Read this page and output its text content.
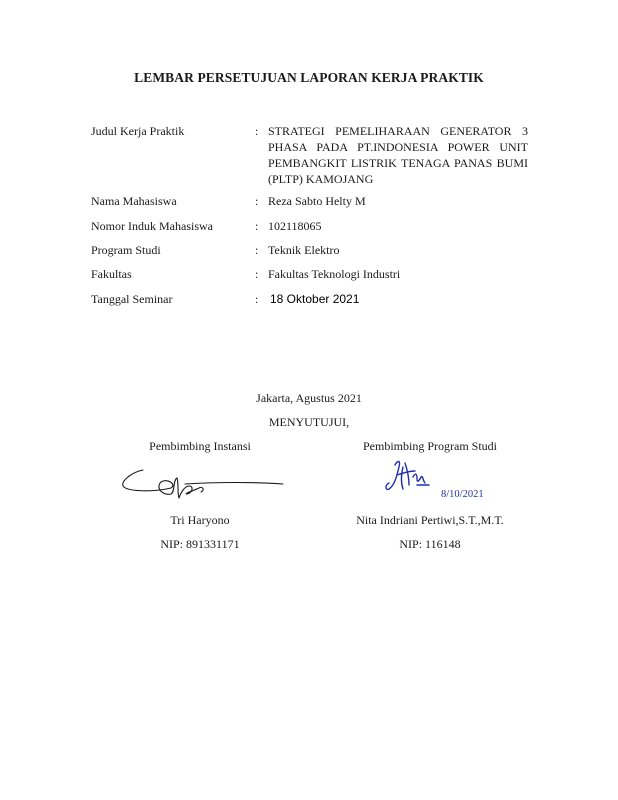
LEMBAR PERSETUJUAN LAPORAN KERJA PRAKTIK
Judul Kerja Praktik	: STRATEGI PEMELIHARAAN GENERATOR 3 PHASA PADA PT.INDONESIA POWER UNIT PEMBANGKIT LISTRIK TENAGA PANAS BUMI (PLTP) KAMOJANG
Nama Mahasiswa	: Reza Sabto Helty M
Nomor Induk Mahasiswa	: 102118065
Program Studi	: Teknik Elektro
Fakultas	: Fakultas Teknologi Industri
Tanggal Seminar	: 18 Oktober 2021
Jakarta, Agustus 2021
MENYUTUJUI,
Pembimbing Instansi	Pembimbing Program Studi
8/10/2021
Tri Haryono	Nita Indriani Pertiwi,S.T.,M.T.
NIP: 891331171	NIP: 116148
